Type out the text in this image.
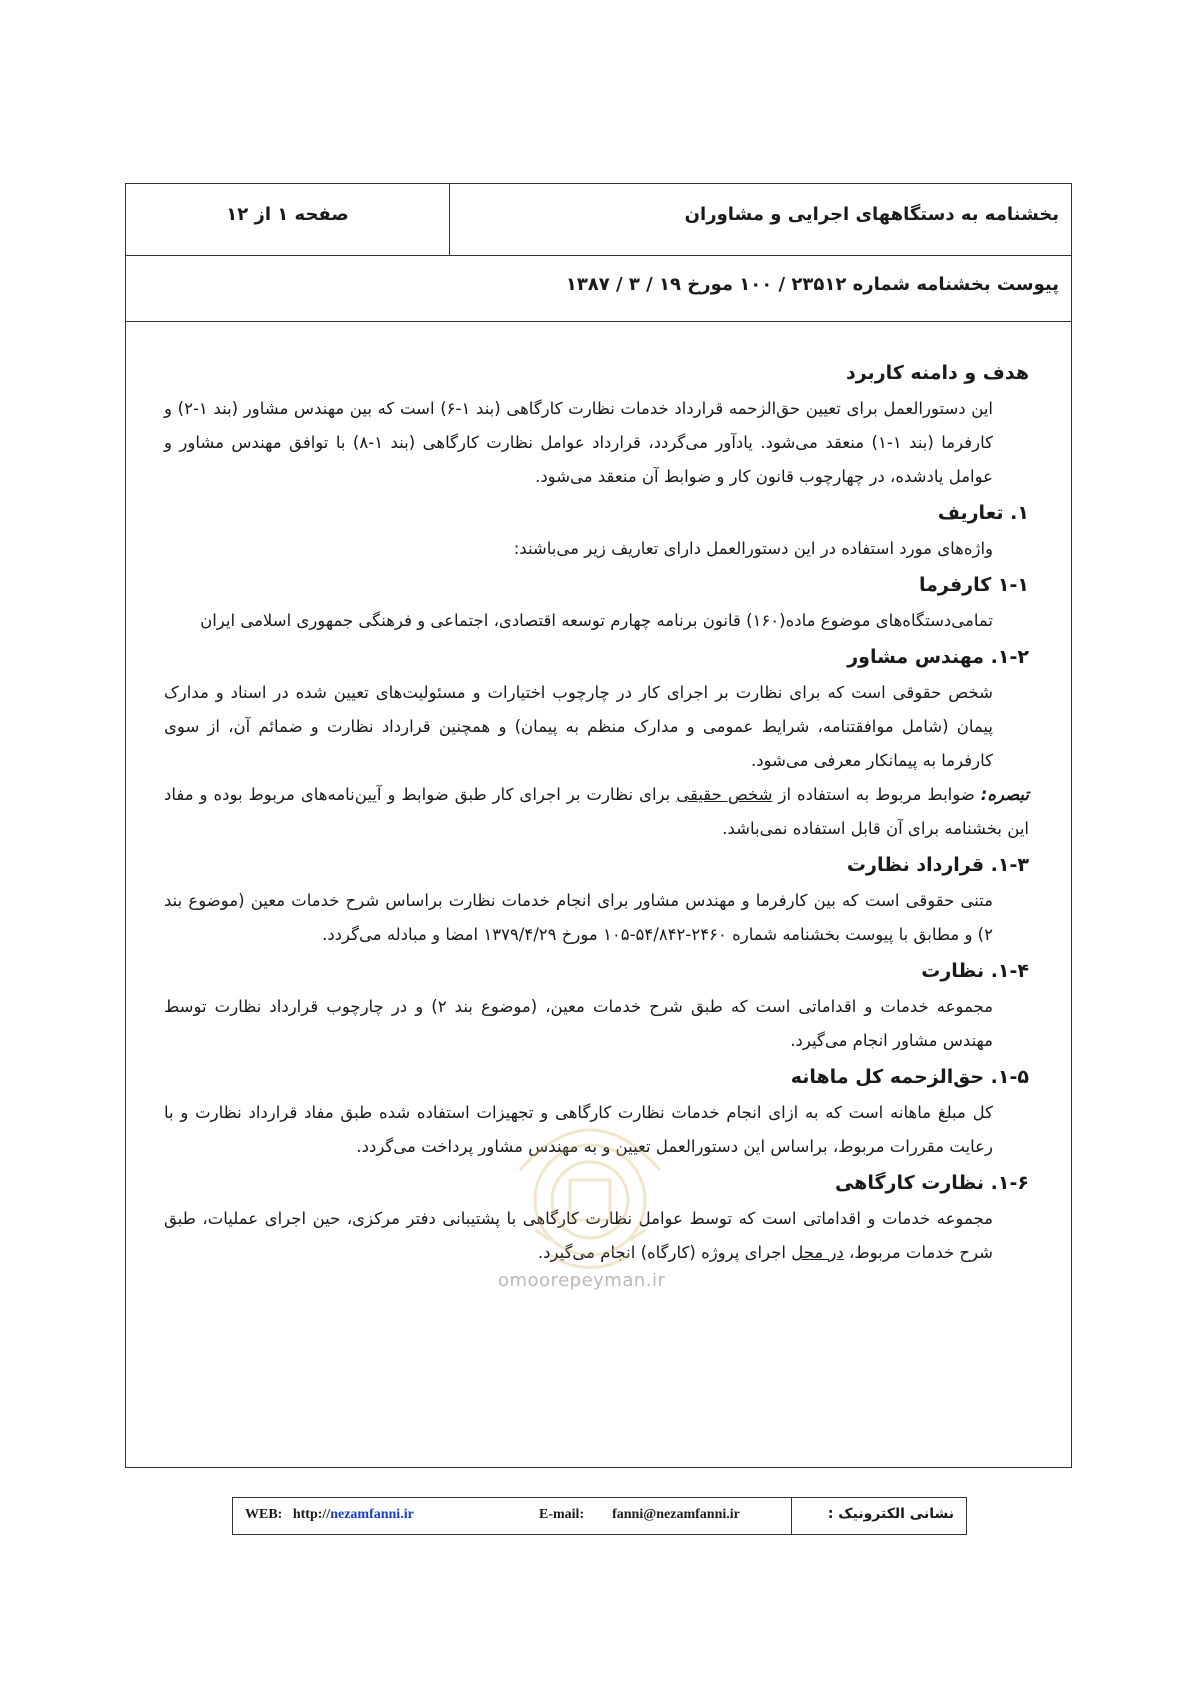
بخشنامه به دستگاههای اجرایی و مشاوران
صفحه ۱ از ۱۲
پیوست بخشنامه شماره ۲۳۵۱۲ / ۱۰۰ مورخ ۱۹ / ۳ / ۱۳۸۷

هدف و دامنه کاربرد

این دستورالعمل برای تعیین حق‌الزحمه قرارداد خدمات نظارت کارگاهی (بند ۱-۶) است که بین مهندس مشاور (بند ۱-۲) و کارفرما (بند ۱-۱) منعقد می‌شود. یادآور می‌گردد، قرارداد عوامل نظارت کارگاهی (بند ۱-۸) با توافق مهندس مشاور و عوامل یادشده، در چهارچوب قانون کار و ضوابط آن منعقد می‌شود.

۱. تعاریف

واژه‌های مورد استفاده در این دستورالعمل دارای تعاریف زیر می‌باشند:

۱-۱ کارفرما

تمامی‌دستگاه‌های موضوع ماده(۱۶۰) قانون برنامه چهارم توسعه اقتصادی، اجتماعی و فرهنگی جمهوری اسلامی ایران

۱-۲. مهندس مشاور

شخص حقوقی است که برای نظارت بر اجرای کار در چارچوب اختیارات و مسئولیت‌های تعیین شده در اسناد و مدارک پیمان (شامل موافقتنامه، شرایط عمومی و مدارک منظم به پیمان) و همچنین قرارداد نظارت و ضمائم آن، از سوی کارفرما به پیمانکار معرفی می‌شود.

تبصره: ضوابط مربوط به استفاده از شخص حقیقی برای نظارت بر اجرای کار طبق ضوابط و آیین‌نامه‌های مربوط بوده و مفاد این بخشنامه برای آن قابل استفاده نمی‌باشد.

۱-۳. قرارداد نظارت

متنی حقوقی است که بین کارفرما و مهندس مشاور برای انجام خدمات نظارت براساس شرح خدمات معین (موضوع بند ۲) و مطابق با پیوست بخشنامه شماره ۲۴۶۰-۵۴/۸۴۲-۱۰۵ مورخ ۱۳۷۹/۴/۲۹ امضا و مبادله می‌گردد.

۱-۴. نظارت

مجموعه خدمات و اقداماتی است که طبق شرح خدمات معین، (موضوع بند ۲) و در چارچوب قرارداد نظارت توسط مهندس مشاور انجام می‌گیرد.

۱-۵. حق‌الزحمه کل ماهانه

کل مبلغ ماهانه است که به ازای انجام خدمات نظارت کارگاهی و تجهیزات استفاده شده طبق مفاد قرارداد نظارت و با رعایت مقررات مربوط، براساس این دستورالعمل تعیین و به مهندس مشاور پرداخت می‌گردد.

۱-۶. نظارت کارگاهی

مجموعه خدمات و اقداماتی است که توسط عوامل نظارت کارگاهی با پشتیبانی دفتر مرکزی، حین اجرای عملیات، طبق شرح خدمات مربوط، در محل اجرای پروژه (کارگاه) انجام می‌گیرد.

omoorepeyman.ir
WEB: http://nezamfanni.ir	E-mail: fanni@nezamfanni.ir	نشانی الکترونیک :
